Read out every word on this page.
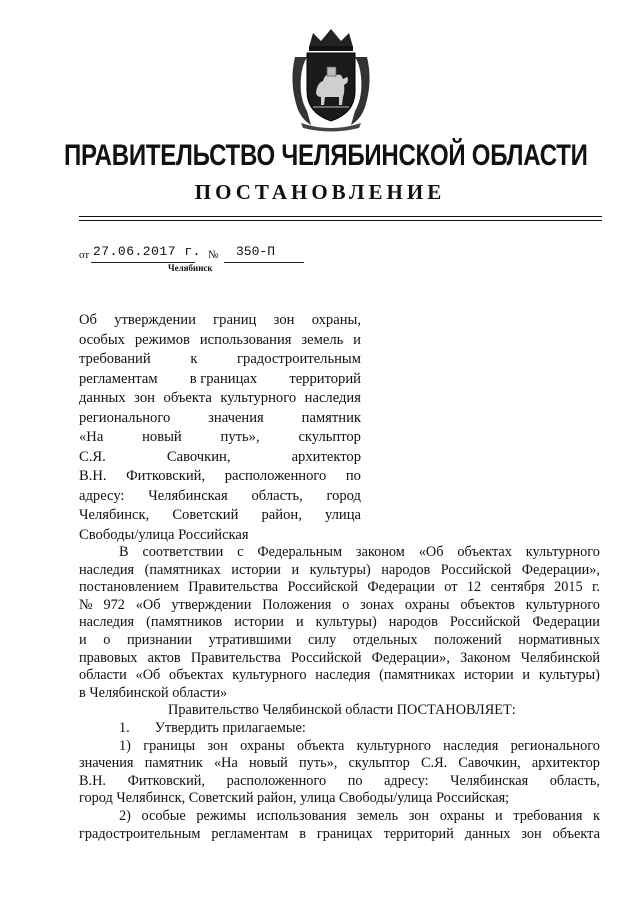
ПРАВИТЕЛЬСТВО ЧЕЛЯБИНСКОЙ ОБЛАСТИ
ПОСТАНОВЛЕНИЕ
от 27.06.2017 г. № 350-П
Челябинск
Об утверждении границ зон охраны,
особых режимов использования земель и
требований	к	градостроительным
регламентам в границах территорий
данных зон объекта культурного наследия
регионального	значения	памятник
«На	новый	путь»,	скульптор
С.Я.	Савочкин,	архитектор
В.Н. Фитковский, расположенного по
адресу: Челябинская область, город
Челябинск, Советский район, улица
Свободы/улица Российская
В соответствии с Федеральным законом «Об объектах культурного
наследия (памятниках истории и культуры) народов Российской Федерации»,
постановлением Правительства Российской Федерации от 12 сентября 2015 г.
№ 972 «Об утверждении Положения о зонах охраны объектов культурного
наследия (памятников истории и культуры) народов Российской Федерации
и о признании утратившими силу отдельных положений нормативных
правовых актов Правительства Российской Федерации», Законом Челябинской
области «Об объектах культурного наследия (памятниках истории и культуры)
в Челябинской области»
Правительство Челябинской области ПОСТАНОВЛЯЕТ:
1.       Утвердить прилагаемые:
1) границы зон охраны объекта культурного наследия регионального
значения памятник «На новый путь», скульптор С.Я. Савочкин, архитектор
В.Н. Фитковский, расположенного по адресу: Челябинская область,
город Челябинск, Советский район, улица Свободы/улица Российская;
2) особые режимы использования земель зон охраны и требования к
градостроительным регламентам в границах территорий данных зон объекта
